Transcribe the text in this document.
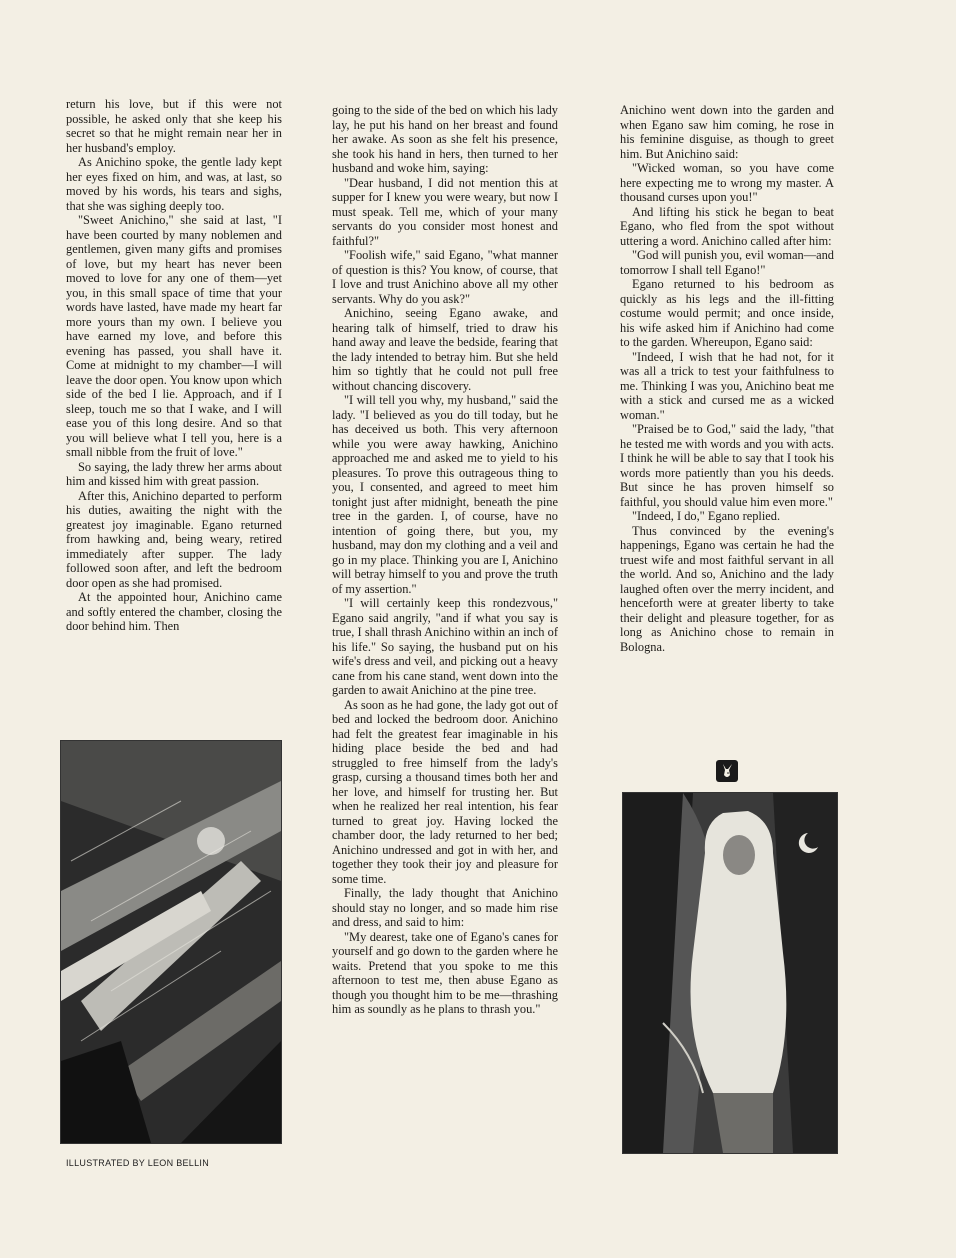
return his love, but if this were not possible, he asked only that she keep his secret so that he might remain near her in her husband's employ.

As Anichino spoke, the gentle lady kept her eyes fixed on him, and was, at last, so moved by his words, his tears and sighs, that she was sighing deeply too.

"Sweet Anichino," she said at last, "I have been courted by many noblemen and gentlemen, given many gifts and promises of love, but my heart has never been moved to love for any one of them—yet you, in this small space of time that your words have lasted, have made my heart far more yours than my own. I believe you have earned my love, and before this evening has passed, you shall have it. Come at midnight to my chamber—I will leave the door open. You know upon which side of the bed I lie. Approach, and if I sleep, touch me so that I wake, and I will ease you of this long desire. And so that you will believe what I tell you, here is a small nibble from the fruit of love."

So saying, the lady threw her arms about him and kissed him with great passion.

After this, Anichino departed to perform his duties, awaiting the night with the greatest joy imaginable. Egano returned from hawking and, being weary, retired immediately after supper. The lady followed soon after, and left the bedroom door open as she had promised.

At the appointed hour, Anichino came and softly entered the chamber, closing the door behind him. Then

going to the side of the bed on which his lady lay, he put his hand on her breast and found her awake. As soon as she felt his presence, she took his hand in hers, then turned to her husband and woke him, saying:

"Dear husband, I did not mention this at supper for I knew you were weary, but now I must speak. Tell me, which of your many servants do you consider most honest and faithful?"

"Foolish wife," said Egano, "what manner of question is this? You know, of course, that I love and trust Anichino above all my other servants. Why do you ask?"

Anichino, seeing Egano awake, and hearing talk of himself, tried to draw his hand away and leave the bedside, fearing that the lady intended to betray him. But she held him so tightly that he could not pull free without chancing discovery.

"I will tell you why, my husband," said the lady. "I believed as you do till today, but he has deceived us both. This very afternoon while you were away hawking, Anichino approached me and asked me to yield to his pleasures. To prove this outrageous thing to you, I consented, and agreed to meet him tonight just after midnight, beneath the pine tree in the garden. I, of course, have no intention of going there, but you, my husband, may don my clothing and a veil and go in my place. Thinking you are I, Anichino will betray himself to you and prove the truth of my assertion."

"I will certainly keep this rondezvous," Egano said angrily, "and if what you say is true, I shall thrash Anichino within an inch of his life." So saying, the husband put on his wife's dress and veil, and picking out a heavy cane from his cane stand, went down into the garden to await Anichino at the pine tree.

As soon as he had gone, the lady got out of bed and locked the bedroom door. Anichino had felt the greatest fear imaginable in his hiding place beside the bed and had struggled to free himself from the lady's grasp, cursing a thousand times both her and her love, and himself for trusting her. But when he realized her real intention, his fear turned to great joy. Having locked the chamber door, the lady returned to her bed; Anichino undressed and got in with her, and together they took their joy and pleasure for some time.

Finally, the lady thought that Anichino should stay no longer, and so made him rise and dress, and said to him:

"My dearest, take one of Egano's canes for yourself and go down to the garden where he waits. Pretend that you spoke to me this afternoon to test me, then abuse Egano as though you thought him to be me—thrashing him as soundly as he plans to thrash you."

Anichino went down into the garden and when Egano saw him coming, he rose in his feminine disguise, as though to greet him. But Anichino said:

"Wicked woman, so you have come here expecting me to wrong my master. A thousand curses upon you!"

And lifting his stick he began to beat Egano, who fled from the spot without uttering a word. Anichino called after him:

"God will punish you, evil woman—and tomorrow I shall tell Egano!"

Egano returned to his bedroom as quickly as his legs and the ill-fitting costume would permit; and once inside, his wife asked him if Anichino had come to the garden. Whereupon, Egano said:

"Indeed, I wish that he had not, for it was all a trick to test your faithfulness to me. Thinking I was you, Anichino beat me with a stick and cursed me as a wicked woman."

"Praised be to God," said the lady, "that he tested me with words and you with acts. I think he will be able to say that I took his words more patiently than you his deeds. But since he has proven himself so faithful, you should value him even more."

"Indeed, I do," Egano replied.

Thus convinced by the evening's happenings, Egano was certain he had the truest wife and most faithful servant in all the world. And so, Anichino and the lady laughed often over the merry incident, and henceforth were at greater liberty to take their delight and pleasure together, for as long as Anichino chose to remain in Bologna.

ILLUSTRATED BY LEON BELLIN
